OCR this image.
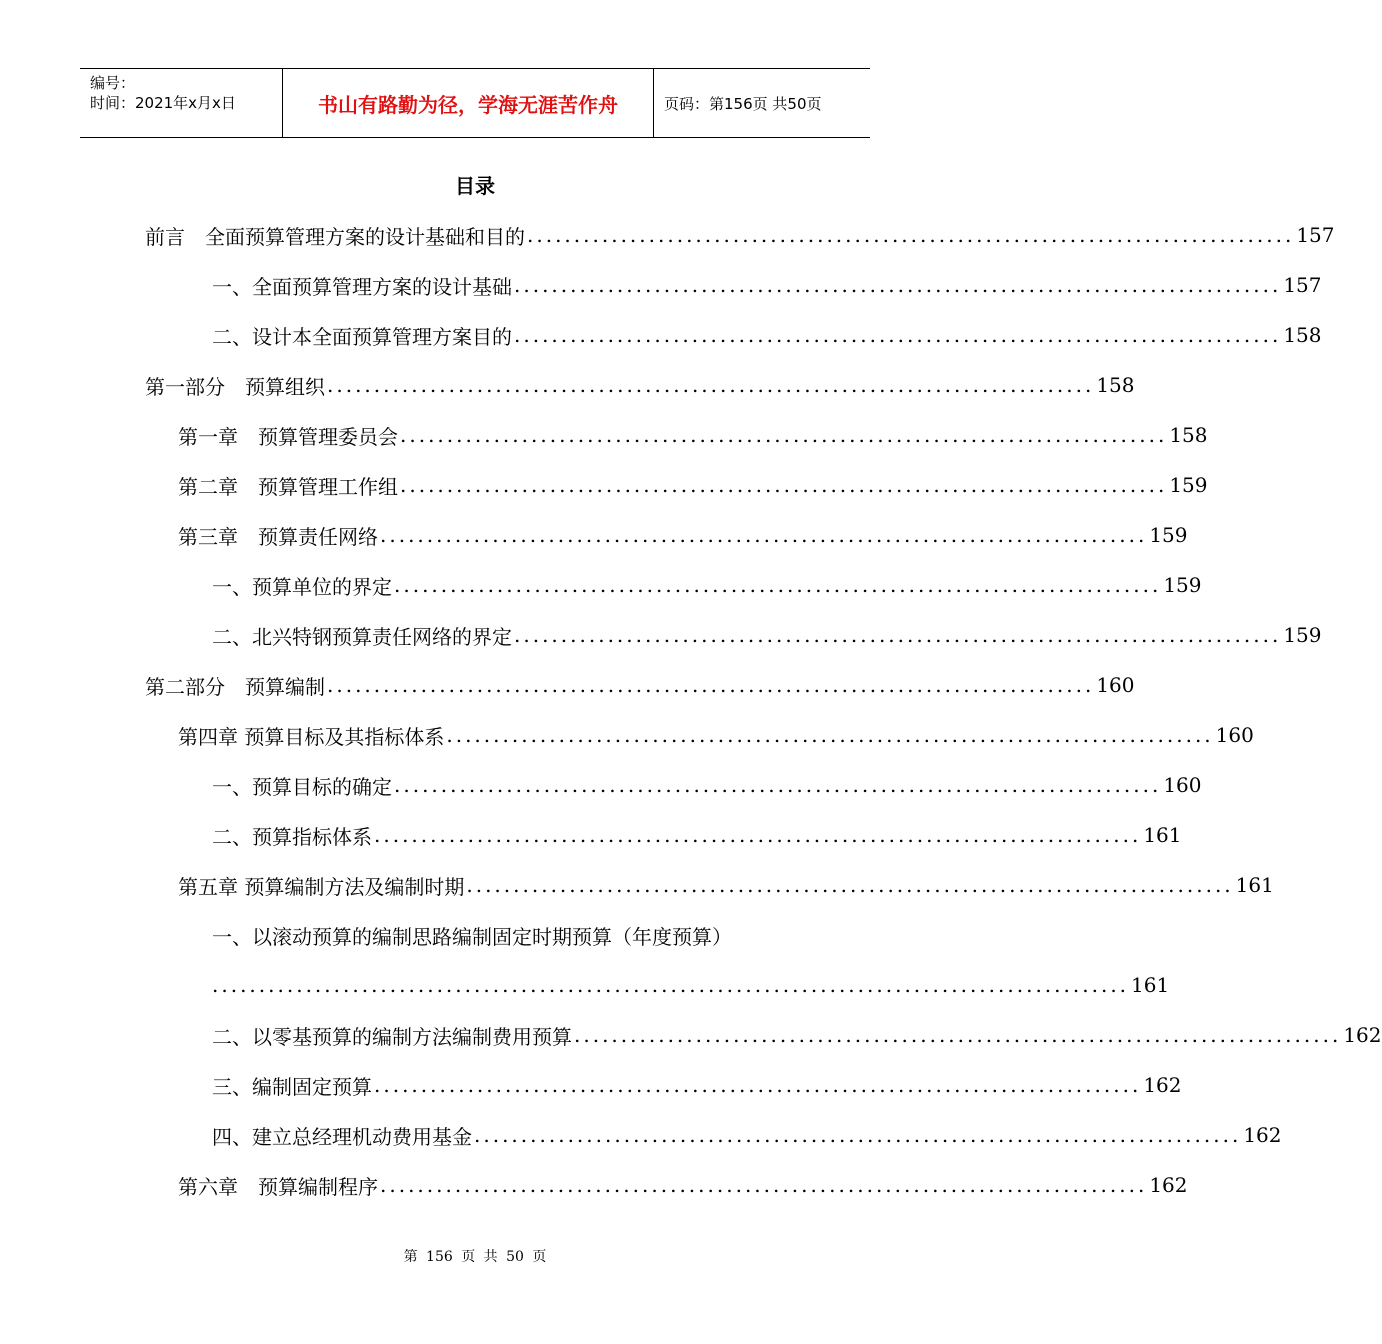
编号：
时间：2021年x月x日	书山有路勤为径，学海无涯苦作舟	页码：第156页 共50页
目录
前言　全面预算管理方案的设计基础和目的 .................................................................................. 157
一、全面预算管理方案的设计基础 .................................................................................. 157
二、设计本全面预算管理方案目的 .................................................................................. 158
第一部分　预算组织 .................................................................................. 158
第一章　预算管理委员会 .................................................................................. 158
第二章　预算管理工作组 .................................................................................. 159
第三章　预算责任网络 .................................................................................. 159
一、预算单位的界定 .................................................................................. 159
二、北兴特钢预算责任网络的界定 .................................................................................. 159
第二部分　预算编制 .................................................................................. 160
第四章 预算目标及其指标体系 .................................................................................. 160
一、预算目标的确定 .................................................................................. 160
二、预算指标体系 .................................................................................. 161
第五章 预算编制方法及编制时期 .................................................................................. 161
一、以滚动预算的编制思路编制固定时期预算（年度预算）
.................................................................................................. 161
二、以零基预算的编制方法编制费用预算 .................................................................................. 162
三、编制固定预算 .................................................................................. 162
四、建立总经理机动费用基金 .................................................................................. 162
第六章　预算编制程序 .................................................................................. 162
第 156 页 共 50 页
